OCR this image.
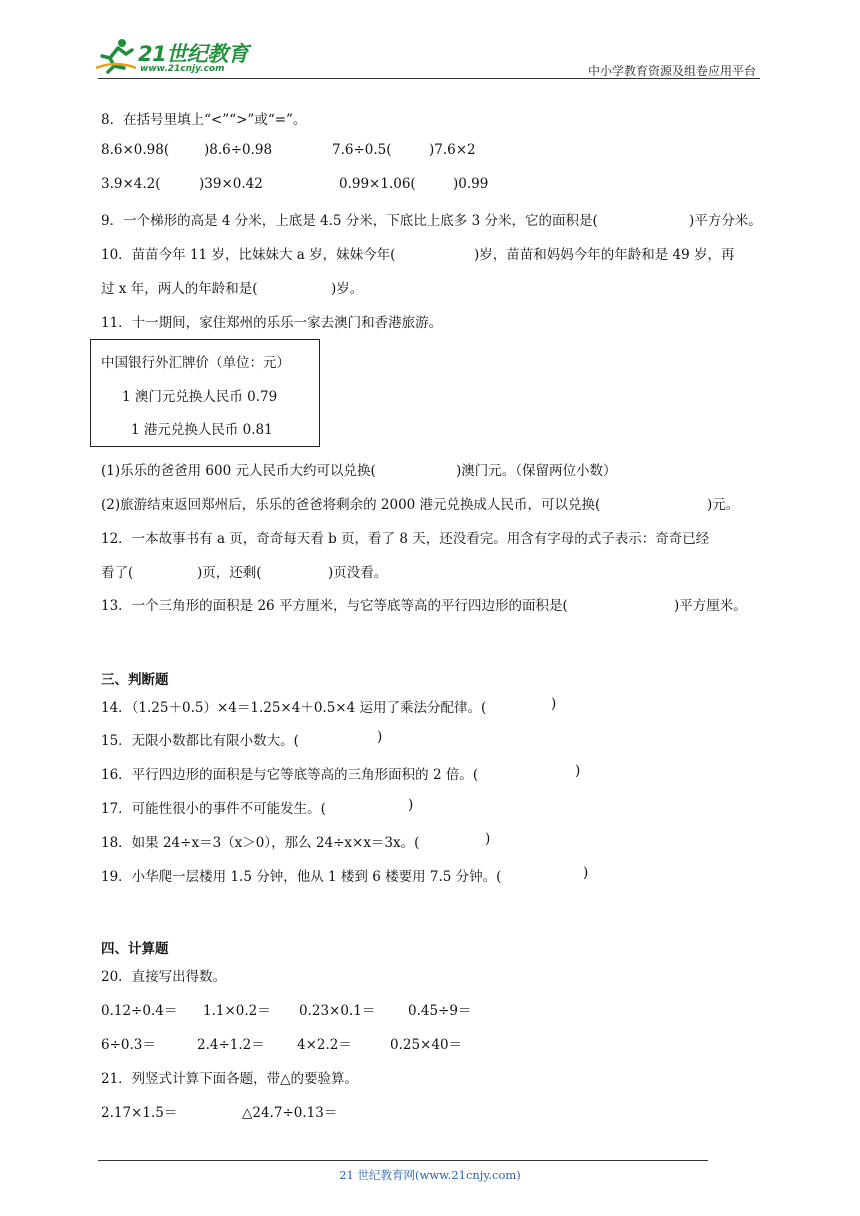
21世纪教育
www.21cnjy.com	中小学教育资源及组卷应用平台
8．在括号里填上“<”“>”或“=”。
8.6×0.98(	)8.6÷0.98	7.6÷0.5(	)7.6×2
3.9×4.2(	)39×0.42	0.99×1.06(	)0.99
9．一个梯形的高是 4 分米，上底是 4.5 分米，下底比上底多 3 分米，它的面积是(	)平方分米。
10．苗苗今年 11 岁，比妹妹大 a 岁，妹妹今年(	)岁，苗苗和妈妈今年的年龄和是 49 岁，再
过 x 年，两人的年龄和是(	)岁。
11．十一期间，家住郑州的乐乐一家去澳门和香港旅游。
中国银行外汇牌价（单位：元）
1 澳门元兑换人民币 0.79
1 港元兑换人民币 0.81
(1)乐乐的爸爸用 600 元人民币大约可以兑换(	)澳门元。（保留两位小数）
(2)旅游结束返回郑州后，乐乐的爸爸将剩余的 2000 港元兑换成人民币，可以兑换(	)元。
12．一本故事书有 a 页，奇奇每天看 b 页，看了 8 天，还没看完。用含有字母的式子表示：奇奇已经
看了(	)页，还剩(	)页没看。
13．一个三角形的面积是 26 平方厘米，与它等底等高的平行四边形的面积是(	)平方厘米。
三、判断题
14．（1.25＋0.5）×4＝1.25×4＋0.5×4 运用了乘法分配律。(	)
15．无限小数都比有限小数大。(	)
16．平行四边形的面积是与它等底等高的三角形面积的 2 倍。(	)
17．可能性很小的事件不可能发生。(	)
18．如果 24÷x＝3（x＞0），那么 24÷x×x＝3x。(	)
19．小华爬一层楼用 1.5 分钟，他从 1 楼到 6 楼要用 7.5 分钟。(	)
四、计算题
20．直接写出得数。
0.12÷0.4＝ 1.1×0.2＝ 0.23×0.1＝ 0.45÷9＝
6÷0.3＝	2.4÷1.2＝ 4×2.2＝	0.25×40＝
21．列竖式计算下面各题，带△的要验算。
2.17×1.5＝	△24.7÷0.13＝
21 世纪教育网(www.21cnjy.com)
